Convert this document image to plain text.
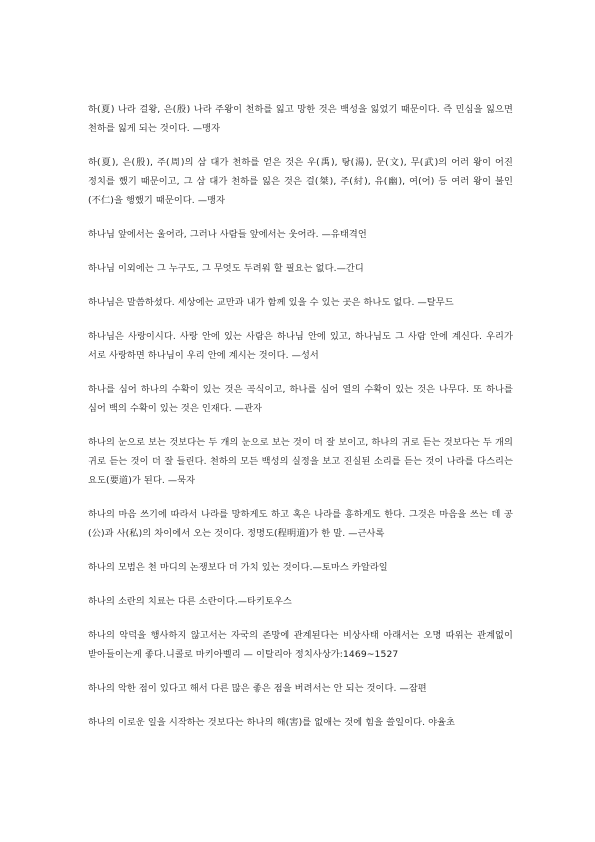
하(夏) 나라 걸왕, 은(殷) 나라 주왕이 천하를 잃고 망한 것은 백성을 잃었기 때문이다. 즉 민심을 잃으면 천하를 잃게 되는 것이다. —맹자

하(夏), 은(殷), 주(周)의 삼 대가 천하를 얻은 것은 우(禹), 탕(湯), 문(文), 무(武)의 어러 왕이 어진 정치를 했기 때문이고, 그 삼 대가 천하를 잃은 것은 걸(桀), 주(紂), 유(幽), 여(어) 등 여러 왕이 불인(不仁)을 행했기 때문이다. —맹자

하나님 앞에서는 울어라, 그러나 사람들 앞에서는 웃어라. —유태격언

하나님 이외에는 그 누구도, 그 무엇도 두려워 할 필요는 없다.—간디

하나님은 말씀하셨다. 세상에는 교만과 내가 함께 있을 수 있는 곳은 하나도 없다. —탈무드

하나님은 사랑이시다. 사랑 안에 있는 사람은 하나님 안에 있고, 하나님도 그 사람 안에 계신다. 우리가 서로 사랑하면 하나님이 우리 안에 계시는 것이다. —성서

하나를 심어 하나의 수확이 있는 것은 곡식이고, 하나를 심어 열의 수확이 있는 것은 나무다. 또 하나를 심어 백의 수확이 있는 것은 인재다. —관자

하나의 눈으로 보는 것보다는 두 개의 눈으로 보는 것이 더 잘 보이고, 하나의 귀로 듣는 것보다는 두 개의 귀로 듣는 것이 더 잘 들린다. 천하의 모든 백성의 실정을 보고 진실된 소리를 듣는 것이 나라를 다스리는 요도(要道)가 된다. —묵자

하나의 마음 쓰기에 따라서 나라를 망하게도 하고 혹은 나라를 흥하게도 한다. 그것은 마음을 쓰는 데 공(公)과 사(私)의 차이에서 오는 것이다. 정명도(程明道)가 한 말. —근사록

하나의 모범은 천 마디의 논쟁보다 더 가치 있는 것이다.—토마스 카알라일

하나의 소란의 치료는 다른 소란이다.—타키토우스

하나의 악덕을 행사하지 않고서는 자국의 존망에 관계된다는 비상사태 아래서는 오명 따위는 관계없이 받아들이는게 좋다.니콜로 마키아벨리 — 이탈리아 정치사상가:1469~1527

하나의 악한 점이 있다고 해서 다른 많은 좋은 점을 버려서는 안 되는 것이다. —잠편

하나의 이로운 일을 시작하는 것보다는 하나의 해(害)를 없애는 것에 힘을 쓸일이다. 야율초
